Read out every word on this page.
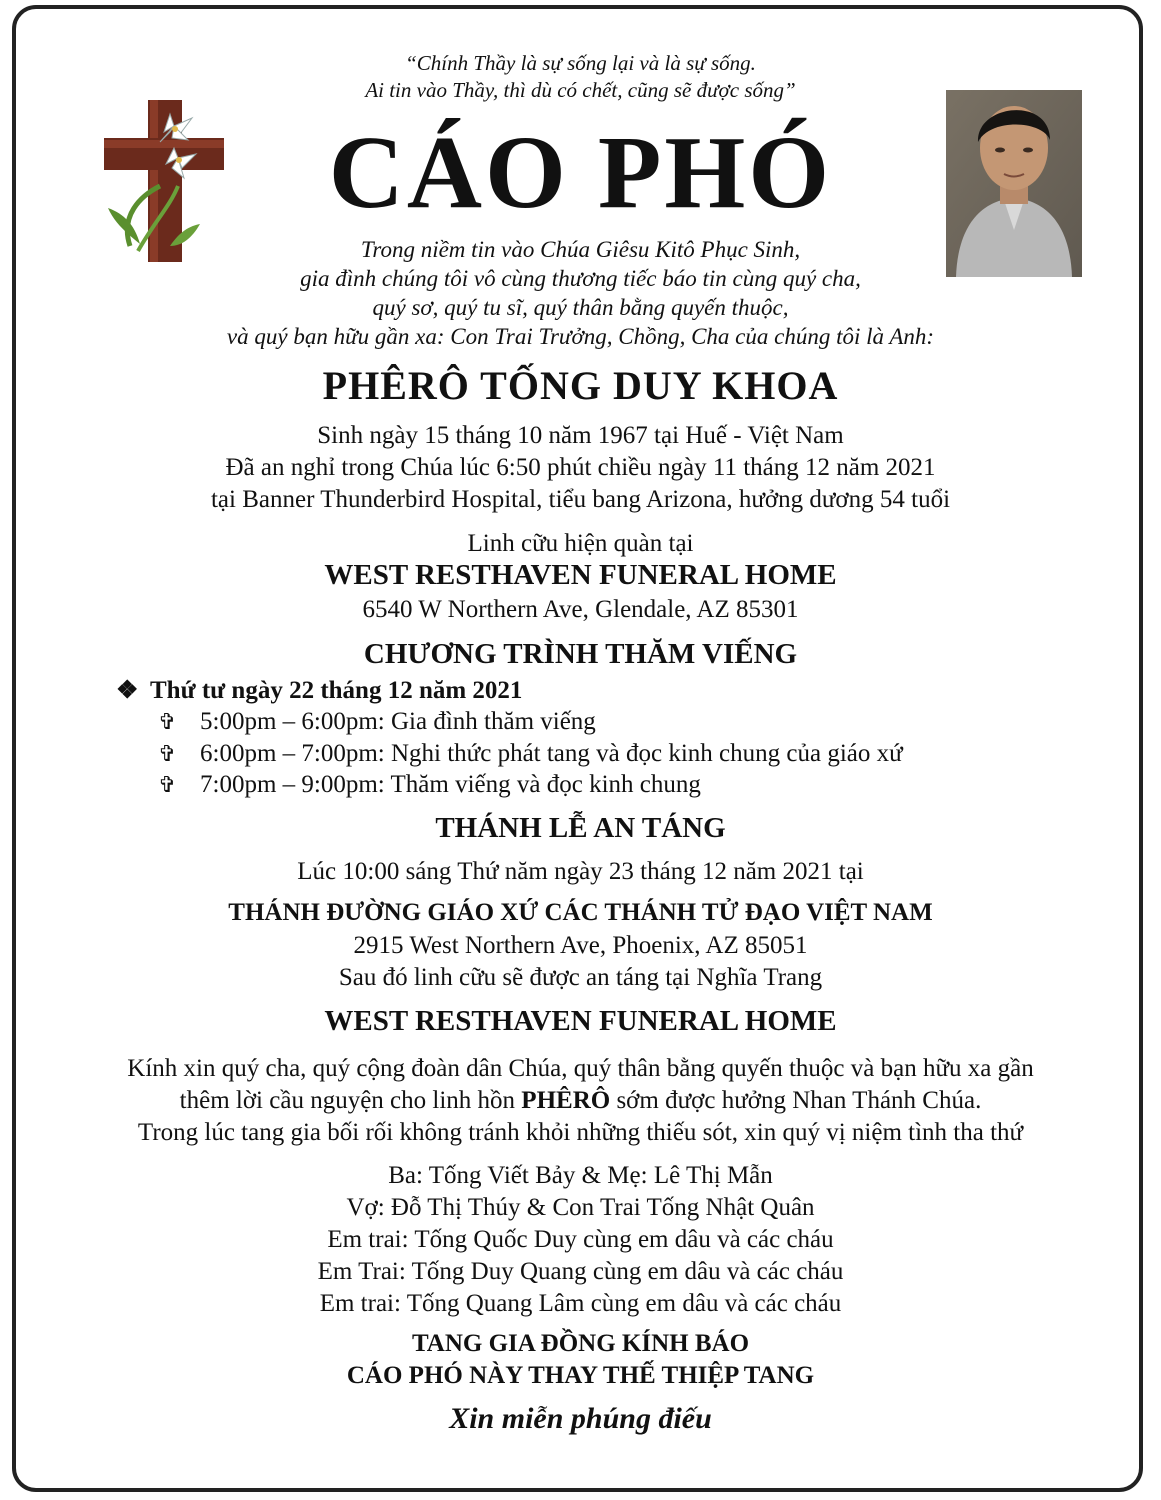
“Chính Thầy là sự sống lại và là sự sống.
Ai tin vào Thầy, thì dù có chết, cũng sẽ được sống”
CÁO PHÓ
Trong niềm tin vào Chúa Giêsu Kitô Phục Sinh,
gia đình chúng tôi vô cùng thương tiếc báo tin cùng quý cha,
quý sơ, quý tu sĩ, quý thân bằng quyến thuộc,
và quý bạn hữu gần xa: Con Trai Trưởng, Chồng, Cha của chúng tôi là Anh:
PHÊRÔ TỐNG DUY KHOA
Sinh ngày 15 tháng 10 năm 1967 tại Huế - Việt Nam
Đã an nghỉ trong Chúa lúc 6:50 phút chiều ngày 11 tháng 12 năm 2021
tại Banner Thunderbird Hospital, tiểu bang Arizona, hưởng dương 54 tuổi
Linh cữu hiện quàn tại
WEST RESTHAVEN FUNERAL HOME
6540 W Northern Ave, Glendale, AZ 85301
CHƯƠNG TRÌNH THĂM VIẾNG
❖ Thứ tư ngày 22 tháng 12 năm 2021
✞ 5:00pm – 6:00pm: Gia đình thăm viếng
✞ 6:00pm – 7:00pm: Nghi thức phát tang và đọc kinh chung của giáo xứ
✞ 7:00pm – 9:00pm: Thăm viếng và đọc kinh chung
THÁNH LỄ AN TÁNG
Lúc 10:00 sáng Thứ năm ngày 23 tháng 12 năm 2021 tại
THÁNH ĐƯỜNG GIÁO XỨ CÁC THÁNH TỬ ĐẠO VIỆT NAM
2915 West Northern Ave, Phoenix, AZ 85051
Sau đó linh cữu sẽ được an táng tại Nghĩa Trang
WEST RESTHAVEN FUNERAL HOME
Kính xin quý cha, quý cộng đoàn dân Chúa, quý thân bằng quyến thuộc và bạn hữu xa gần
thêm lời cầu nguyện cho linh hồn PHÊRÔ sớm được hưởng Nhan Thánh Chúa.
Trong lúc tang gia bối rối không tránh khỏi những thiếu sót, xin quý vị niệm tình tha thứ
Ba: Tống Viết Bảy & Mẹ: Lê Thị Mẫn
Vợ: Đỗ Thị Thúy & Con Trai Tống Nhật Quân
Em trai: Tống Quốc Duy cùng em dâu và các cháu
Em Trai: Tống Duy Quang cùng em dâu và các cháu
Em trai: Tống Quang Lâm cùng em dâu và các cháu
TANG GIA ĐỒNG KÍNH BÁO
CÁO PHÓ NÀY THAY THẾ THIỆP TANG
Xin miễn phúng điếu
